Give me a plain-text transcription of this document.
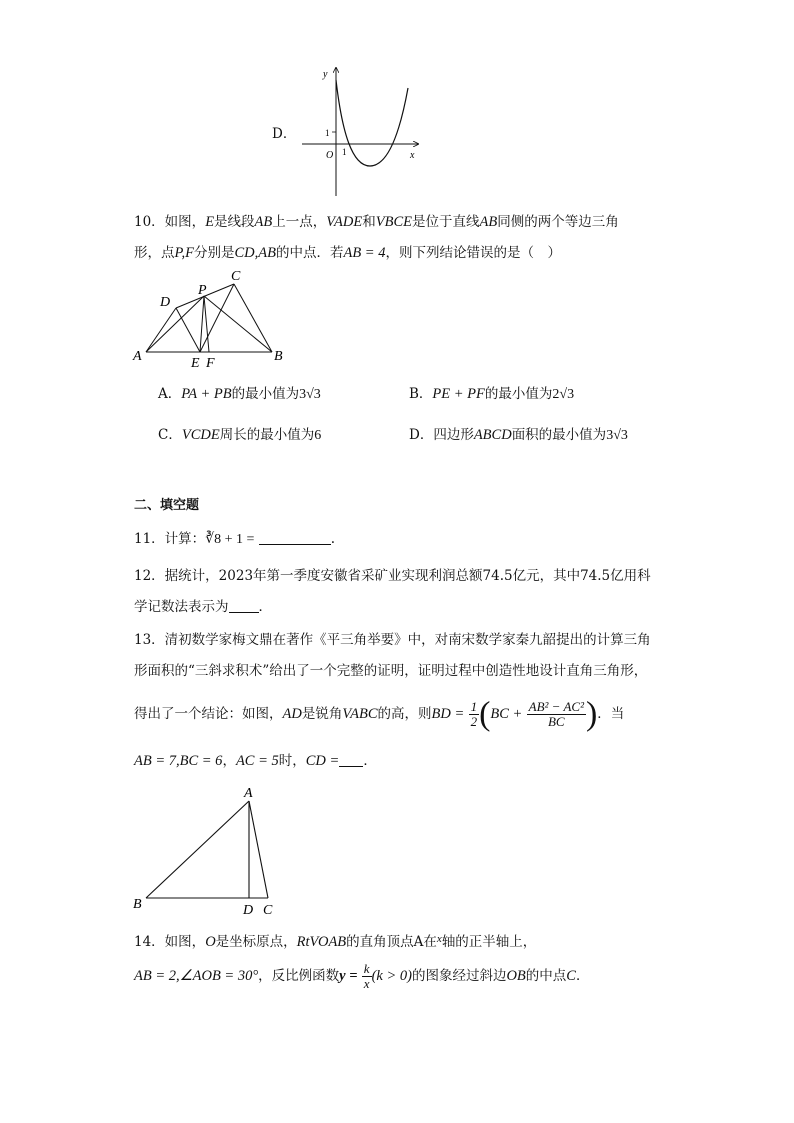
D．
y
x
O
1
1
10．如图，E是线段AB上一点，VADE和VBCE是位于直线AB同侧的两个等边三角
形，点P,F分别是CD,AB的中点．若AB = 4，则下列结论错误的是（　）
A	B
C
D
E F
P
A．PA + PB的最小值为3√3	B．PE + PF的最小值为2√3
C．VCDE周长的最小值为6	D．四边形ABCD面积的最小值为3√3
二、填空题
11．计算：∛8 + 1 =	.
12．据统计，2023年第一季度安徽省采矿业实现利润总额74.5亿元，其中74.5亿用科
学记数法表示为 ．
13．清初数学家梅文鼎在著作《平三角举要》中，对南宋数学家秦九韶提出的计算三角
形面积的“三斜求积术”给出了一个完整的证明，证明过程中创造性地设计直角三角形，
得出了一个结论：如图，AD是锐角VABC的高，则BD = $\frac{1}{2} (BC + \frac{\text{AB² − AC²}}{BC}$ )．当
AB = 7,BC = 6，AC = 5时，CD = ．
A
B	D C
14．如图，O是坐标原点，RtVOAB的直角顶点A在$^x$轴的正半轴上，
AB = 2,∠AOB = 30°，反比例函数$y = \frac{k}{x} (k > 0)$的图象经过斜边OB的中点C．
